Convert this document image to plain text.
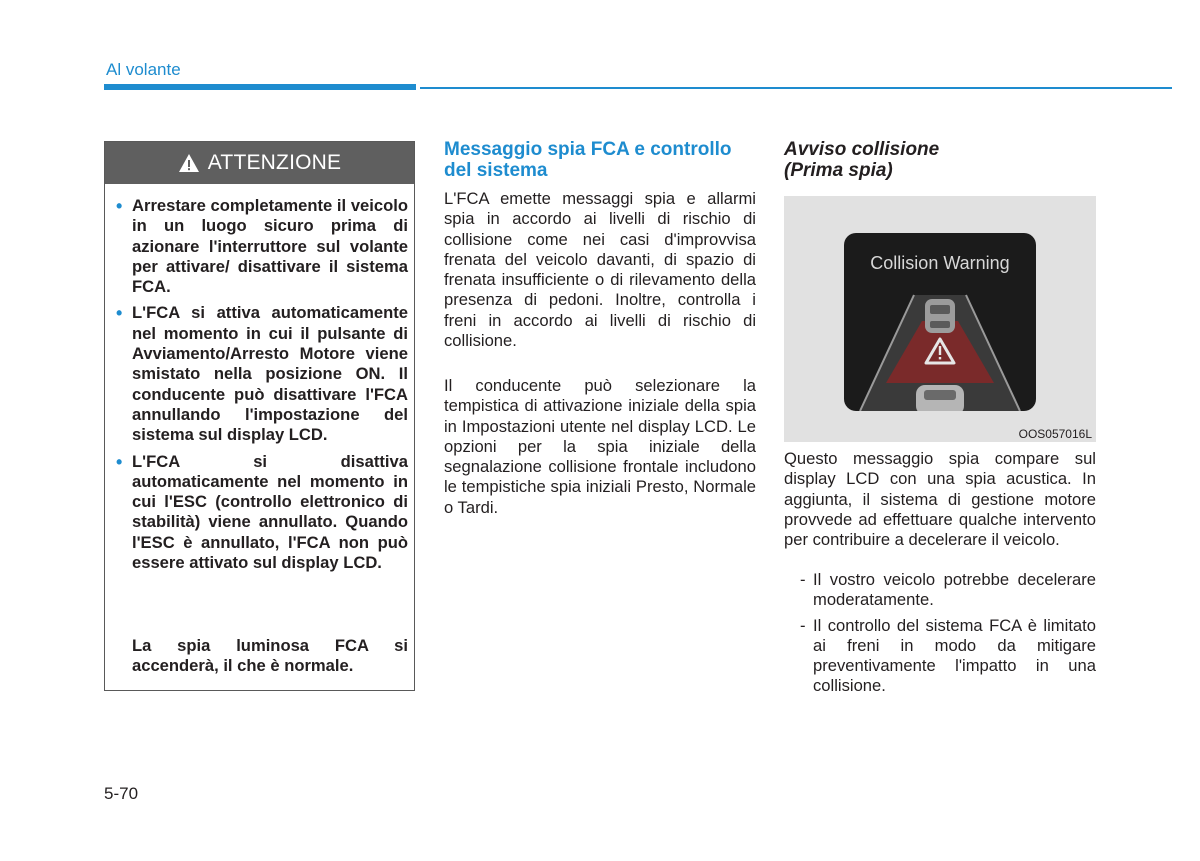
Al volante
ATTENZIONE
• Arrestare completamente il veicolo in un luogo sicuro prima di azionare l'interruttore sul volante per attivare/ disattivare il sistema FCA.
• L'FCA si attiva automaticamente nel momento in cui il pulsante di Avviamento/Arresto Motore viene smistato nella posizione ON. Il conducente può disattivare l'FCA annullando l'impostazione del sistema sul display LCD.
• L'FCA si disattiva automaticamente nel momento in cui l'ESC (controllo elettronico di stabilità) viene annullato. Quando l'ESC è annullato, l'FCA non può essere attivato sul display LCD.
La spia luminosa FCA si accenderà, il che è normale.
Messaggio spia FCA e controllo del sistema

L'FCA emette messaggi spia e allarmi spia in accordo ai livelli di rischio di collisione come nei casi d'improvvisa frenata del veicolo davanti, di spazio di frenata insufficiente o di rilevamento della presenza di pedoni. Inoltre, controlla i freni in accordo ai livelli di rischio di collisione.

Il conducente può selezionare la tempistica di attivazione iniziale della spia in Impostazioni utente nel display LCD. Le opzioni per la spia iniziale della segnalazione collisione frontale includono le tempistiche spia iniziali Presto, Normale o Tardi.

Avviso collisione
(Prima spia)
Collision Warning
OOS057016L

Questo messaggio spia compare sul display LCD con una spia acustica. In aggiunta, il sistema di gestione motore provvede ad effettuare qualche intervento per contribuire a decelerare il veicolo.

- Il vostro veicolo potrebbe decelerare moderatamente.
- Il controllo del sistema FCA è limitato ai freni in modo da mitigare preventivamente l'impatto in una collisione.
5-70
